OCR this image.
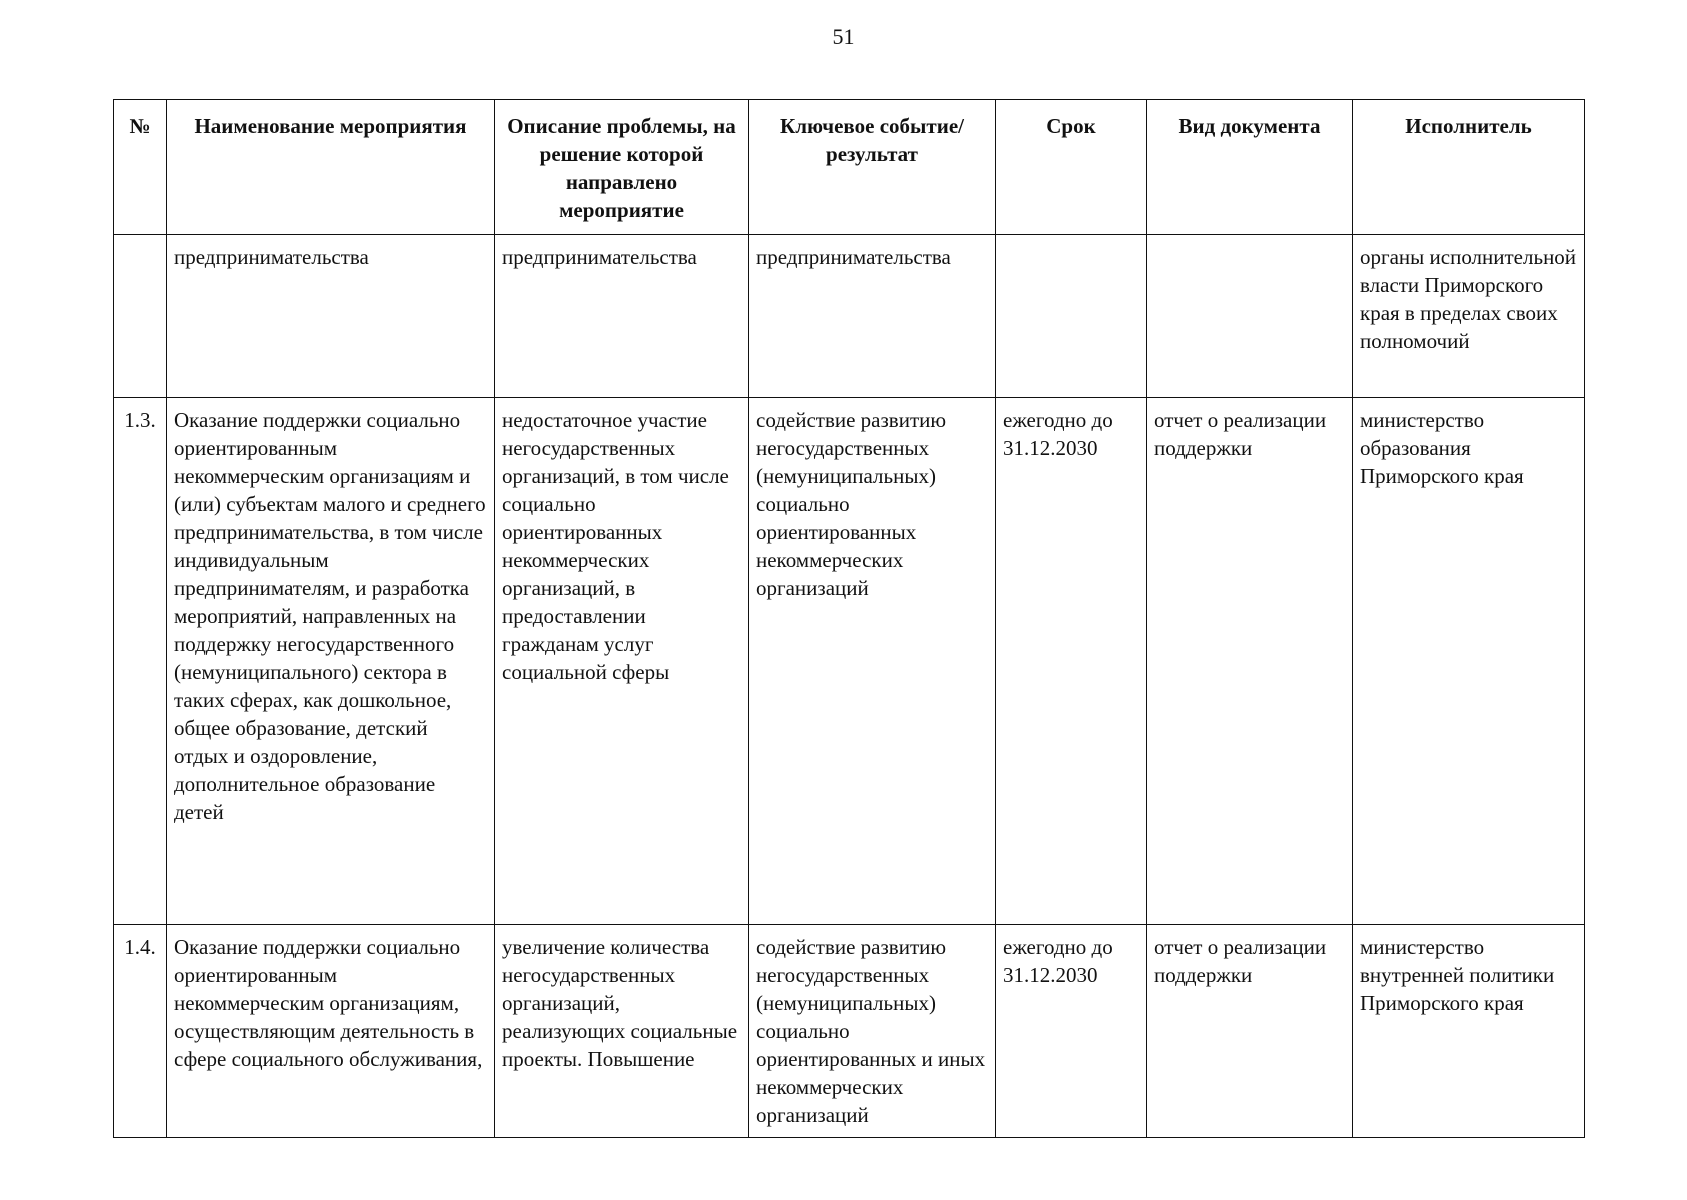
51
№	Наименование мероприятия	Описание проблемы, на решение которой направлено мероприятие	Ключевое событие/результат	Срок	Вид документа	Исполнитель
	предпринимательства	предпринимательства	предпринимательства			органы исполнительной власти Приморского края в пределах своих полномочий
1.3.	Оказание поддержки социально ориентированным некоммерческим организациям и (или) субъектам малого и среднего предпринимательства, в том числе индивидуальным предпринимателям, и разработка мероприятий, направленных на поддержку негосударственного (немуниципального) сектора в таких сферах, как дошкольное, общее образование, детский отдых и оздоровление, дополнительное образование детей	недостаточное участие негосударственных организаций, в том числе социально ориентированных некоммерческих организаций, в предоставлении гражданам услуг социальной сферы	содействие развитию негосударственных (немуниципальных) социально ориентированных некоммерческих организаций	ежегодно до 31.12.2030	отчет о реализации поддержки	министерство образования Приморского края
1.4.	Оказание поддержки социально ориентированным некоммерческим организациям, осуществляющим деятельность в сфере социального обслуживания,	увеличение количества негосударственных организаций, реализующих социальные проекты. Повышение	содействие развитию негосударственных (немуниципальных) социально ориентированных и иных некоммерческих организаций	ежегодно до 31.12.2030	отчет о реализации поддержки	министерство внутренней политики Приморского края
